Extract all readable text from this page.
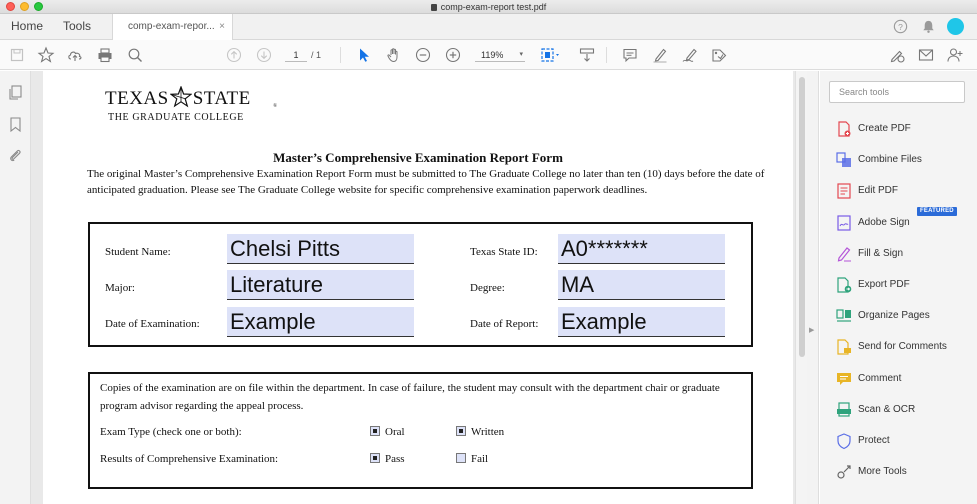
comp-exam-report test.pdf
Home Tools	comp-exam-repor... ×	?
1	/ 1	119% ▾
TEXAS STATE
THE GRADUATE COLLEGE
®
Master’s Comprehensive Examination Report Form
The original Master’s Comprehensive Examination Report Form must be submitted to The Graduate College no later than ten (10) days before the date of anticipated graduation. Please see The Graduate College website for specific comprehensive examination paperwork deadlines.
Student Name:	Chelsi Pitts	Texas State ID: A0*******
Major:	Literature	Degree:	MA
Date of Examination: Example	Date of Report: Example
Copies of the examination are on file within the department. In case of failure, the student may consult with the department chair or graduate program advisor regarding the appeal process.
Exam Type (check one or both):	Oral	Written
Results of Comprehensive Examination:	Pass	Fail
▶
Search tools
Create PDF
Combine Files
Edit PDF
Adobe Sign
Fill & Sign
Export PDF
Organize Pages
Send for Comments
Comment
Scan & OCR
Protect
More Tools
FEATURED
